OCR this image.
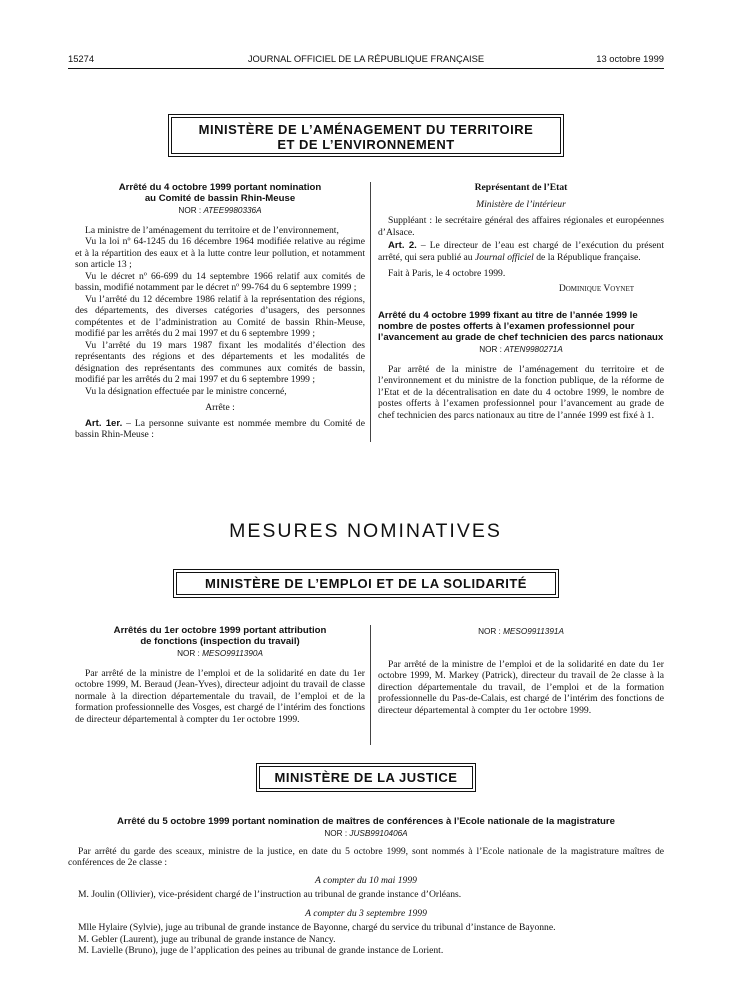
15274	JOURNAL OFFICIEL DE LA RÉPUBLIQUE FRANÇAISE	13 octobre 1999
MINISTÈRE DE L’AMÉNAGEMENT DU TERRITOIRE
ET DE L’ENVIRONNEMENT
Arrêté du 4 octobre 1999 portant nomination
au Comité de bassin Rhin-Meuse
NOR : ATEE9980336A

La ministre de l’aménagement du territoire et de l’environnement,

Vu la loi nº 64-1245 du 16 décembre 1964 modifiée relative au régime et à la répartition des eaux et à la lutte contre leur pollution, et notamment son article 13 ;

Vu le décret nº 66-699 du 14 septembre 1966 relatif aux comités de bassin, modifié notamment par le décret nº 99-764 du 6 septembre 1999 ;

Vu l’arrêté du 12 décembre 1986 relatif à la représentation des régions, des départements, des diverses catégories d’usagers, des personnes compétentes et de l’administration au Comité de bassin Rhin-Meuse, modifié par les arrêtés du 2 mai 1997 et du 6 septembre 1999 ;

Vu l’arrêté du 19 mars 1987 fixant les modalités d’élection des représentants des régions et des départements et les modalités de désignation des représentants des communes aux comités de bassin, modifié par les arrêtés du 2 mai 1997 et du 6 septembre 1999 ;

Vu la désignation effectuée par le ministre concerné,

Arrête :

Art. 1er. – La personne suivante est nommée membre du Comité de bassin Rhin-Meuse :

Représentant de l’Etat
Ministère de l’intérieur

Suppléant : le secrétaire général des affaires régionales et européennes d’Alsace.

Art. 2. – Le directeur de l’eau est chargé de l’exécution du présent arrêté, qui sera publié au Journal officiel de la République française.

Fait à Paris, le 4 octobre 1999.

Dominique Voynet
Arrêté du 4 octobre 1999 fixant au titre de l’année 1999 le nombre de postes offerts à l’examen professionnel pour l’avancement au grade de chef technicien des parcs nationaux
NOR : ATEN9980271A

Par arrêté de la ministre de l’aménagement du territoire et de l’environnement et du ministre de la fonction publique, de la réforme de l’Etat et de la décentralisation en date du 4 octobre 1999, le nombre de postes offerts à l’examen professionnel pour l’avancement au grade de chef technicien des parcs nationaux au titre de l’année 1999 est fixé à 1.

MESURES NOMINATIVES
MINISTÈRE DE L’EMPLOI ET DE LA SOLIDARITÉ
Arrêtés du 1er octobre 1999 portant attribution
de fonctions (inspection du travail)
NOR : MESO9911390A

Par arrêté de la ministre de l’emploi et de la solidarité en date du 1er octobre 1999, M. Beraud (Jean-Yves), directeur adjoint du travail de classe normale à la direction départementale du travail, de l’emploi et de la formation professionnelle des Vosges, est chargé de l’intérim des fonctions de directeur départemental à compter du 1er octobre 1999.

NOR : MESO9911391A

Par arrêté de la ministre de l’emploi et de la solidarité en date du 1er octobre 1999, M. Markey (Patrick), directeur du travail de 2e classe à la direction départementale du travail, de l’emploi et de la formation professionnelle du Pas-de-Calais, est chargé de l’intérim des fonctions de directeur départemental à compter du 1er octobre 1999.

MINISTÈRE DE LA JUSTICE
Arrêté du 5 octobre 1999 portant nomination de maîtres de conférences à l’Ecole nationale de la magistrature
NOR : JUSB9910406A

Par arrêté du garde des sceaux, ministre de la justice, en date du 5 octobre 1999, sont nommés à l’Ecole nationale de la magistrature maîtres de conférences de 2e classe :

A compter du 10 mai 1999

M. Joulin (Ollivier), vice-président chargé de l’instruction au tribunal de grande instance d’Orléans.

A compter du 3 septembre 1999

Mlle Hylaire (Sylvie), juge au tribunal de grande instance de Bayonne, chargé du service du tribunal d’instance de Bayonne.

M. Gebler (Laurent), juge au tribunal de grande instance de Nancy.

M. Lavielle (Bruno), juge de l’application des peines au tribunal de grande instance de Lorient.
